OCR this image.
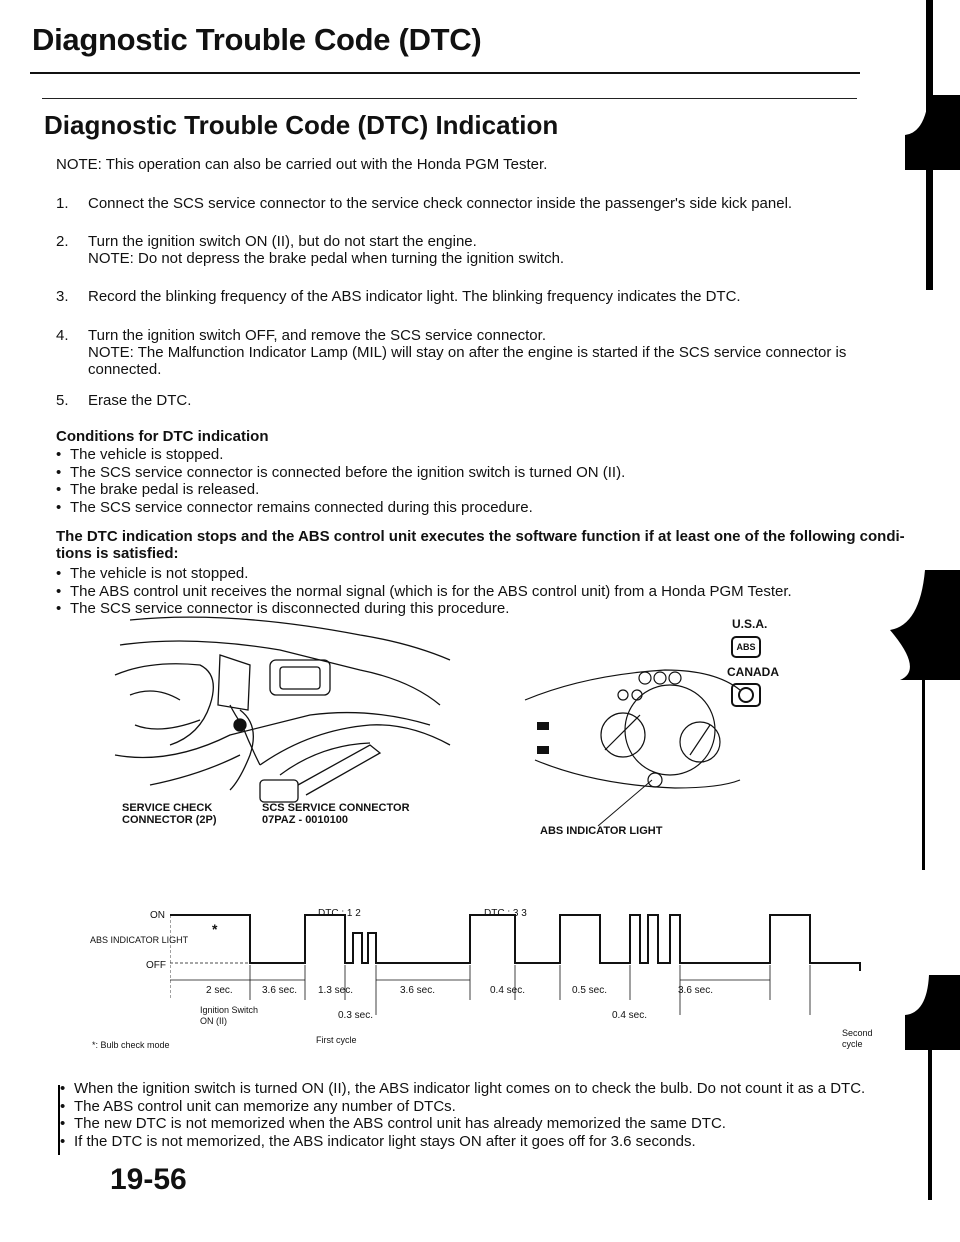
Diagnostic Trouble Code (DTC)
Diagnostic Trouble Code (DTC) Indication
NOTE: This operation can also be carried out with the Honda PGM Tester.
1.	Connect the SCS service connector to the service check connector inside the passenger's side kick panel.
2.	Turn the ignition switch ON (II), but do not start the engine.
NOTE: Do not depress the brake pedal when turning the ignition switch.
3.	Record the blinking frequency of the ABS indicator light. The blinking frequency indicates the DTC.
4.	Turn the ignition switch OFF, and remove the SCS service connector.
NOTE: The Malfunction Indicator Lamp (MIL) will stay on after the engine is started if the SCS service connector is
connected.
5.	Erase the DTC.
Conditions for DTC indication
• The vehicle is stopped.
• The SCS service connector is connected before the ignition switch is turned ON (II).
• The brake pedal is released.
• The SCS service connector remains connected during this procedure.
The DTC indication stops and the ABS control unit executes the software function if at least one of the following condi-
tions is satisfied:
• The vehicle is not stopped.
• The ABS control unit receives the normal signal (which is for the ABS control unit) from a Honda PGM Tester.
• The SCS service connector is disconnected during this procedure.
SERVICE CHECK
CONNECTOR (2P)
SCS SERVICE CONNECTOR
07PAZ - 0010100
ABS INDICATOR LIGHT
U.S.A.
ABS
CANADA
DTC : 1 2	DTC : 3 3
ON
ABS INDICATOR LIGHT
OFF
*
2 sec.	3.6 sec. 1.3 sec.
0.3 sec.
3.6 sec.	0.4 sec.	0.5 sec.
0.4 sec.
3.6 sec.
Ignition Switch
ON (II)
First cycle
Second
cycle
*: Bulb check mode
• When the ignition switch is turned ON (II), the ABS indicator light comes on to check the bulb. Do not count it as a DTC.
• The ABS control unit can memorize any number of DTCs.
• The new DTC is not memorized when the ABS control unit has already memorized the same DTC.
• If the DTC is not memorized, the ABS indicator light stays ON after it goes off for 3.6 seconds.
19-56
